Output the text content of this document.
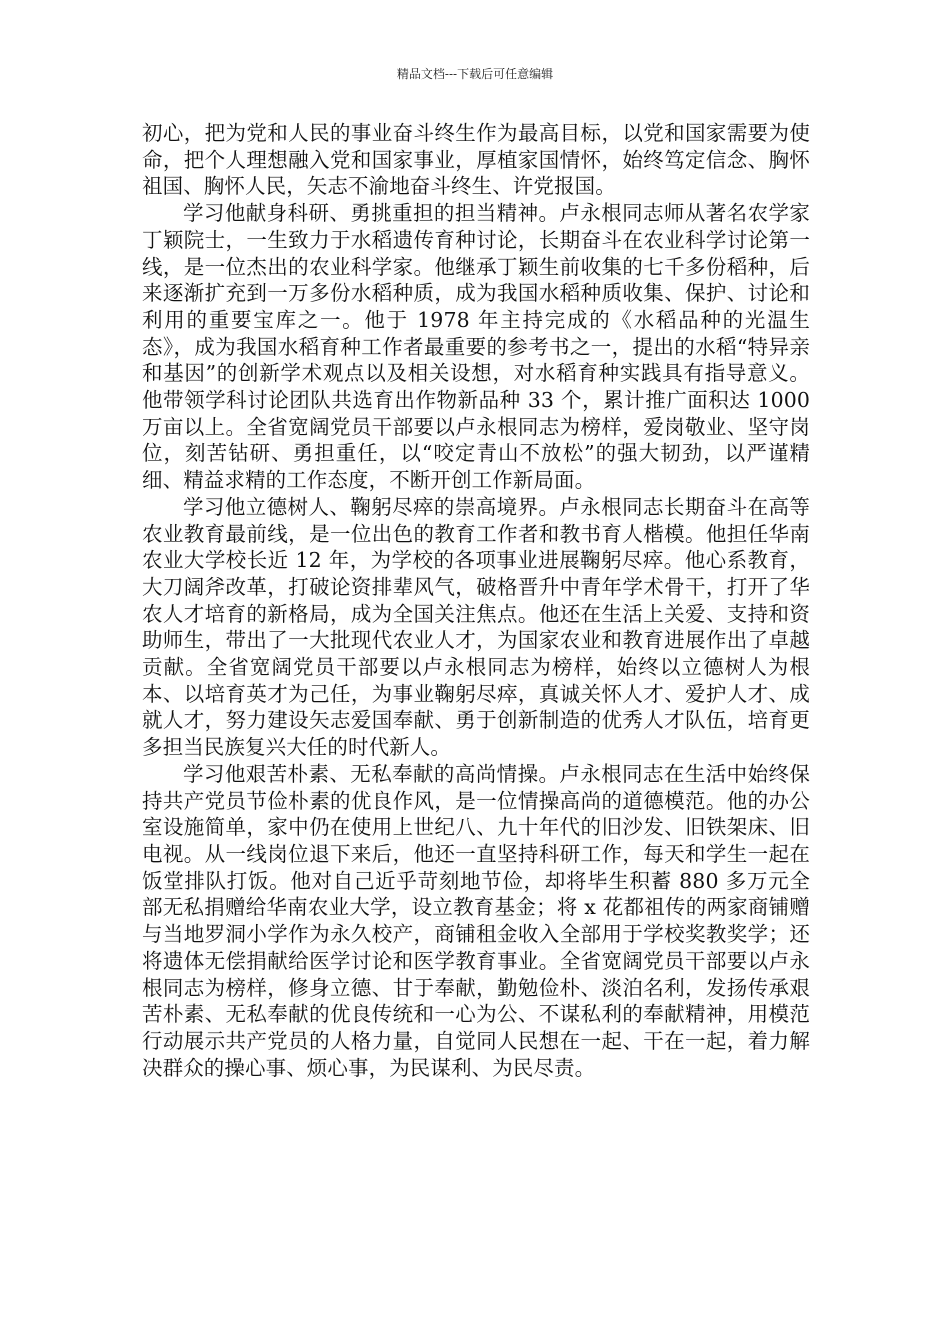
精品文档---下载后可任意编辑

初心，把为党和人民的事业奋斗终生作为最高目标，以党和国家需要为使命，把个人理想融入党和国家事业，厚植家国情怀，始终笃定信念、胸怀祖国、胸怀人民，矢志不渝地奋斗终生、许党报国。

学习他献身科研、勇挑重担的担当精神。卢永根同志师从著名农学家丁颖院士，一生致力于水稻遗传育种讨论，长期奋斗在农业科学讨论第一线，是一位杰出的农业科学家。他继承丁颖生前收集的七千多份稻种，后来逐渐扩充到一万多份水稻种质，成为我国水稻种质收集、保护、讨论和利用的重要宝库之一。他于 1978 年主持完成的《水稻品种的光温生态》，成为我国水稻育种工作者最重要的参考书之一，提出的水稻“特异亲和基因”的创新学术观点以及相关设想，对水稻育种实践具有指导意义。他带领学科讨论团队共选育出作物新品种 33 个，累计推广面积达 1000 万亩以上。全省宽阔党员干部要以卢永根同志为榜样，爱岗敬业、坚守岗位，刻苦钻研、勇担重任，以“咬定青山不放松”的强大韧劲，以严谨精细、精益求精的工作态度，不断开创工作新局面。

学习他立德树人、鞠躬尽瘁的崇高境界。卢永根同志长期奋斗在高等农业教育最前线，是一位出色的教育工作者和教书育人楷模。他担任华南农业大学校长近 12 年，为学校的各项事业进展鞠躬尽瘁。他心系教育，大刀阔斧改革，打破论资排辈风气，破格晋升中青年学术骨干，打开了华农人才培育的新格局，成为全国关注焦点。他还在生活上关爱、支持和资助师生，带出了一大批现代农业人才，为国家农业和教育进展作出了卓越贡献。全省宽阔党员干部要以卢永根同志为榜样，始终以立德树人为根本、以培育英才为己任，为事业鞠躬尽瘁，真诚关怀人才、爱护人才、成就人才，努力建设矢志爱国奉献、勇于创新制造的优秀人才队伍，培育更多担当民族复兴大任的时代新人。

学习他艰苦朴素、无私奉献的高尚情操。卢永根同志在生活中始终保持共产党员节俭朴素的优良作风，是一位情操高尚的道德模范。他的办公室设施简单，家中仍在使用上世纪八、九十年代的旧沙发、旧铁架床、旧电视。从一线岗位退下来后，他还一直坚持科研工作，每天和学生一起在饭堂排队打饭。他对自己近乎苛刻地节俭，却将毕生积蓄 880 多万元全部无私捐赠给华南农业大学，设立教育基金；将 x 花都祖传的两家商铺赠与当地罗洞小学作为永久校产，商铺租金收入全部用于学校奖教奖学；还将遗体无偿捐献给医学讨论和医学教育事业。全省宽阔党员干部要以卢永根同志为榜样，修身立德、甘于奉献，勤勉俭朴、淡泊名利，发扬传承艰苦朴素、无私奉献的优良传统和一心为公、不谋私利的奉献精神，用模范行动展示共产党员的人格力量，自觉同人民想在一起、干在一起，着力解决群众的操心事、烦心事，为民谋利、为民尽责。
